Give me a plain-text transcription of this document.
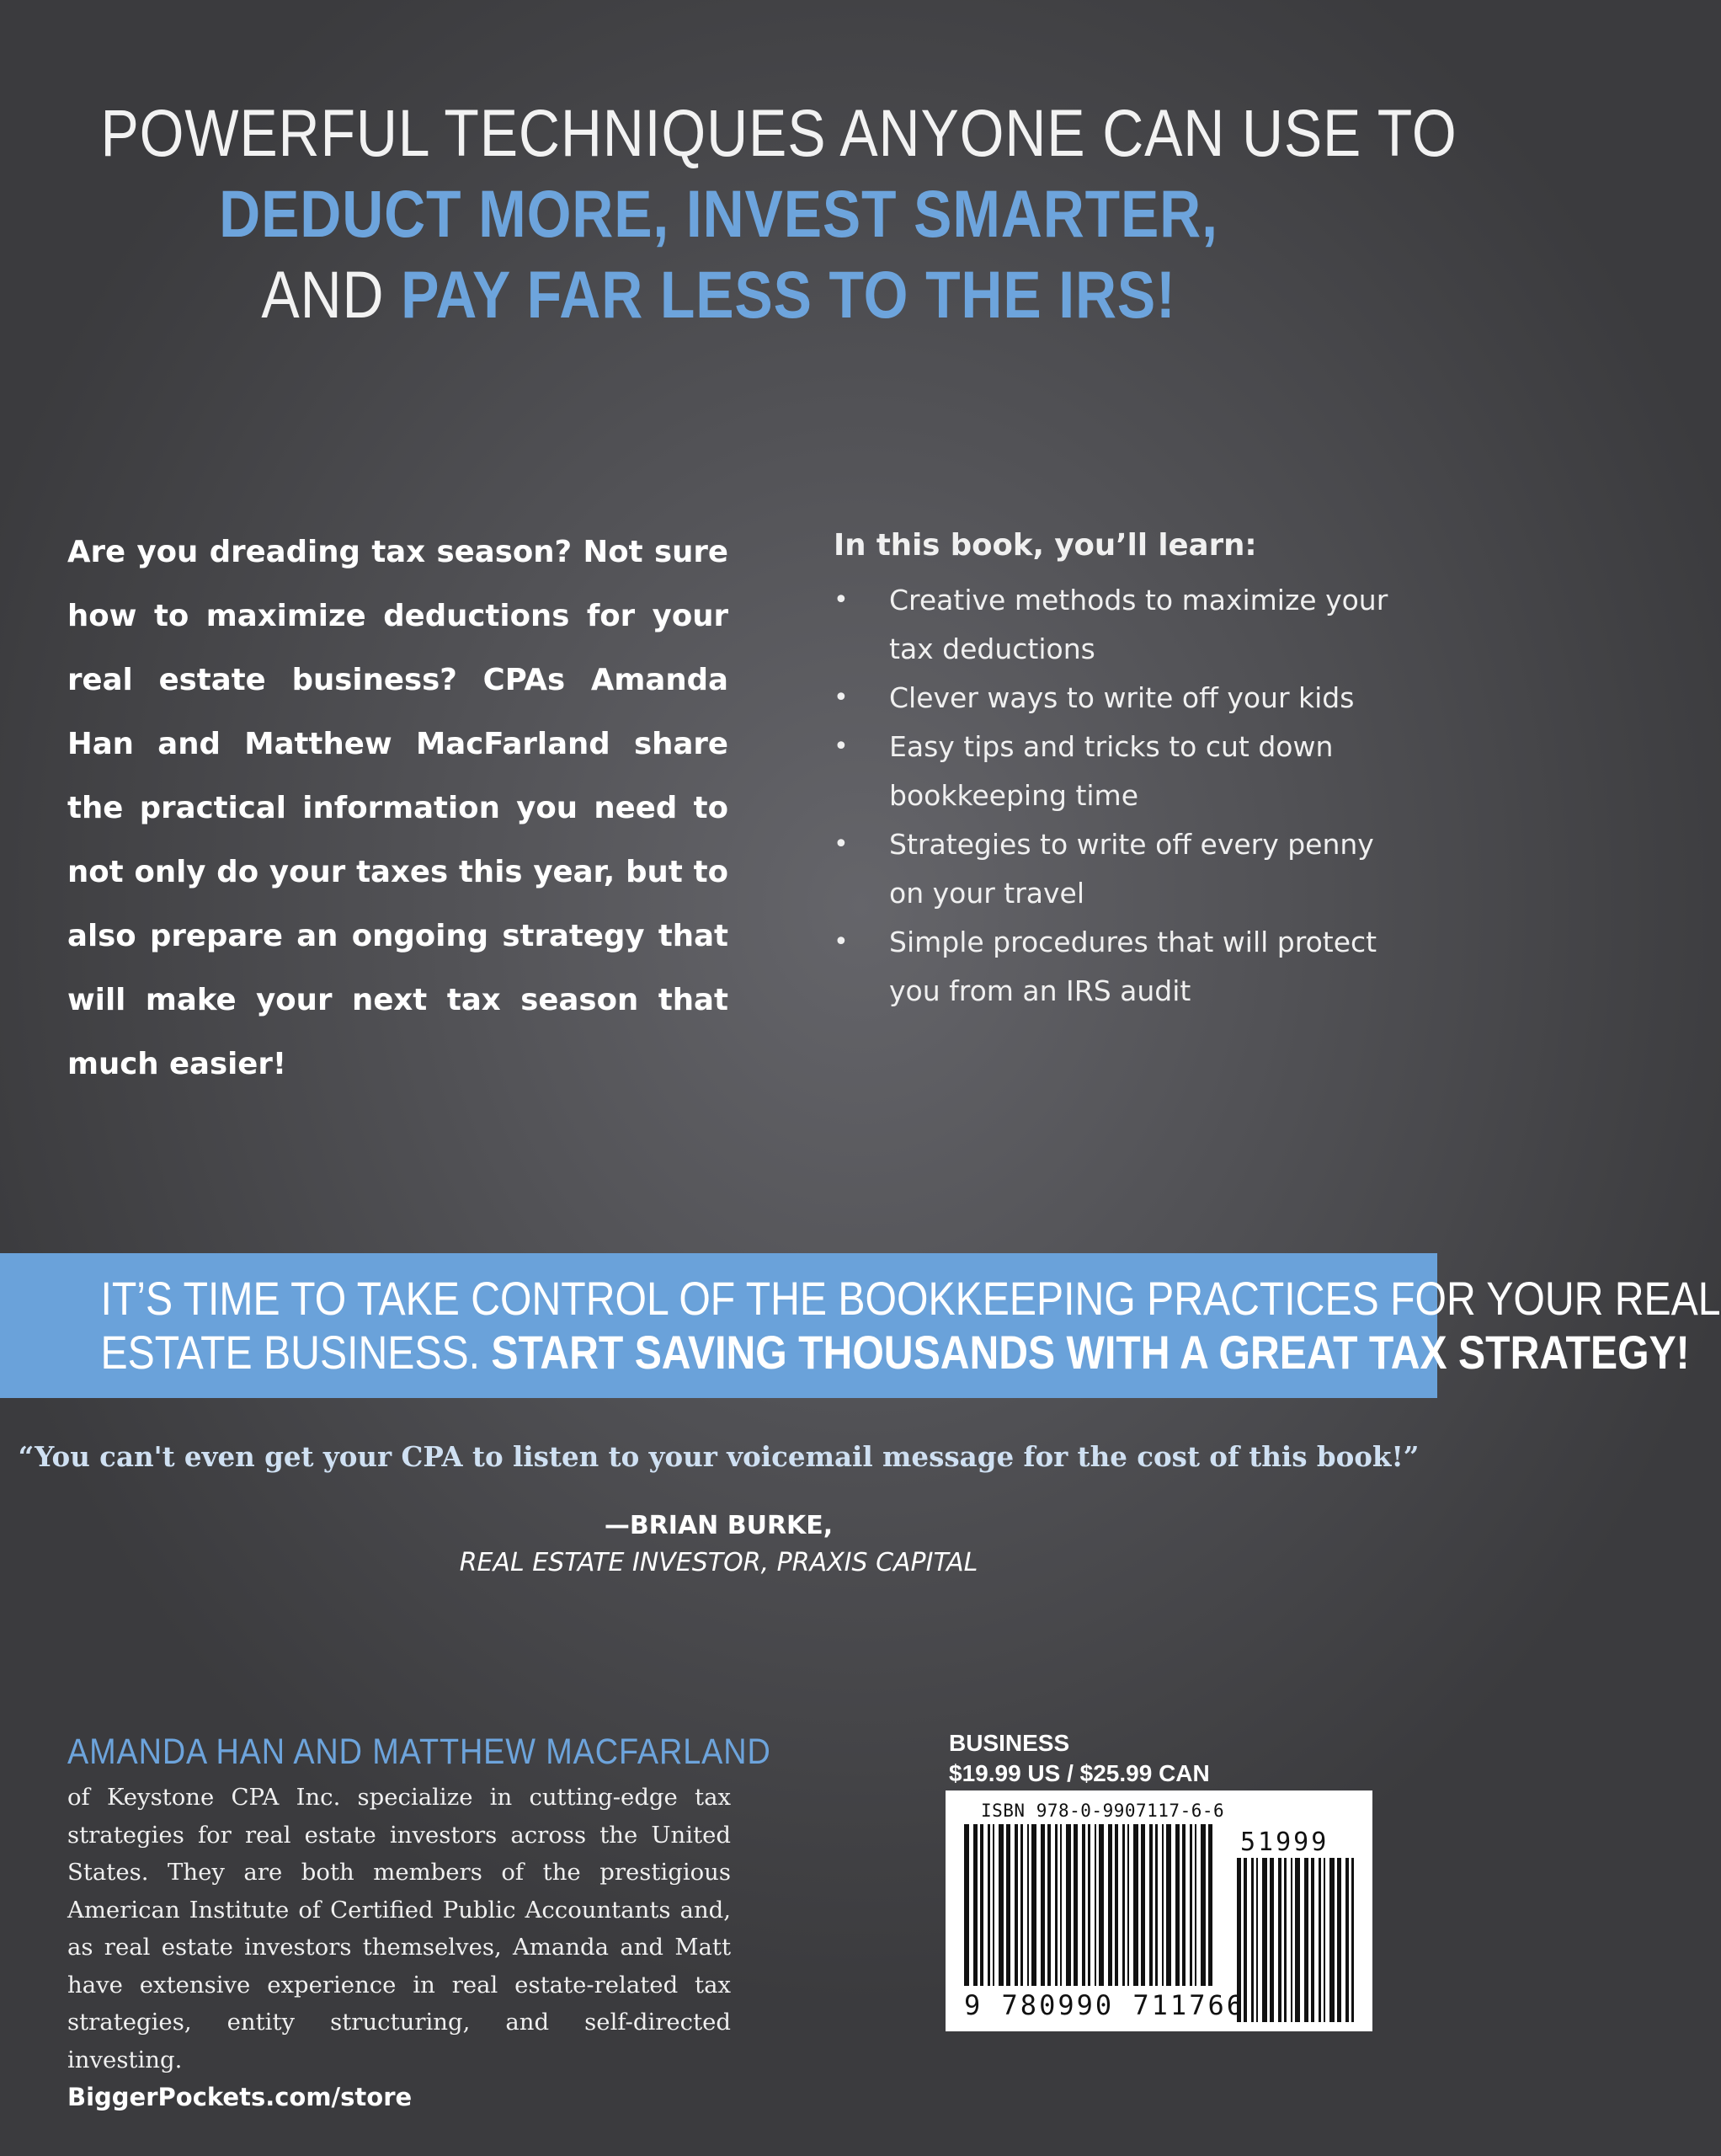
POWERFUL TECHNIQUES ANYONE CAN USE TO
DEDUCT MORE, INVEST SMARTER,
AND PAY FAR LESS TO THE IRS!
Are you dreading tax season? Not sure how to maximize deductions for your real estate business? CPAs Amanda Han and Matthew MacFarland share the practical information you need to not only do your taxes this year, but to also prepare an ongoing strategy that will make your next tax season that much easier!
In this book, you’ll learn:
• Creative methods to maximize your tax deductions
• Clever ways to write off your kids
• Easy tips and tricks to cut down bookkeeping time
• Strategies to write off every penny on your travel
• Simple procedures that will protect you from an IRS audit
IT’S TIME TO TAKE CONTROL OF THE BOOKKEEPING PRACTICES FOR YOUR REAL
ESTATE BUSINESS. START SAVING THOUSANDS WITH A GREAT TAX STRATEGY!
“You can't even get your CPA to listen to your voicemail message for the cost of this book!”
—BRIAN BURKE,
REAL ESTATE INVESTOR, PRAXIS CAPITAL
AMANDA HAN AND MATTHEW MACFARLAND
of Keystone CPA Inc. specialize in cutting-edge tax strategies for real estate investors across the United States. They are both members of the prestigious American Institute of Certified Public Accountants and, as real estate investors themselves, Amanda and Matt have extensive experience in real estate-related tax strategies, entity structuring, and self-directed investing.
BiggerPockets.com/store
BUSINESS
$19.99 US / $25.99 CAN
ISBN 978-0-9907117-6-6
51999
9 780990 711766
